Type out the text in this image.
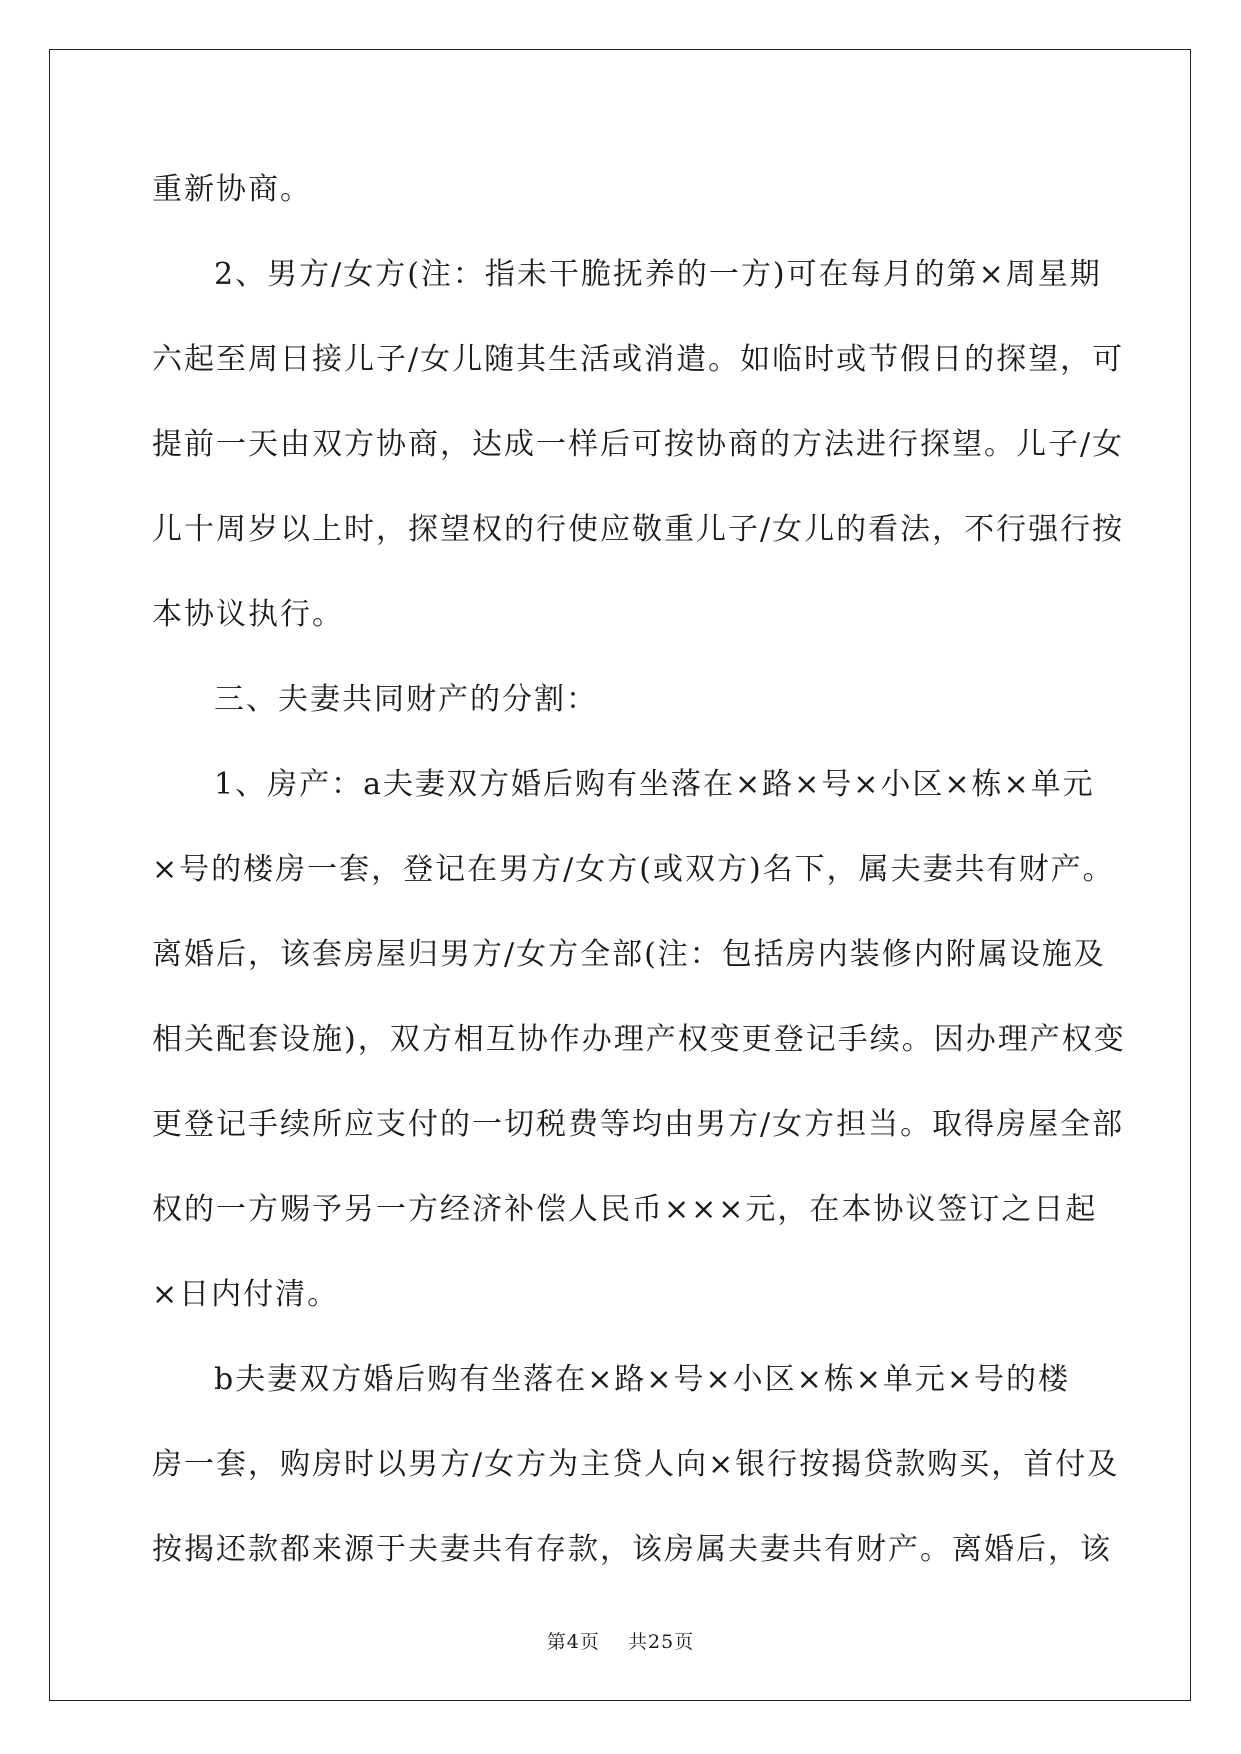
重新协商。
2、男方/女方(注：指未干脆抚养的一方)可在每月的第×周星期
六起至周日接儿子/女儿随其生活或消遣。如临时或节假日的探望，可
提前一天由双方协商，达成一样后可按协商的方法进行探望。儿子/女
儿十周岁以上时，探望权的行使应敬重儿子/女儿的看法，不行强行按
本协议执行。
三、夫妻共同财产的分割：
1、房产：a夫妻双方婚后购有坐落在×路×号×小区×栋×单元
×号的楼房一套，登记在男方/女方(或双方)名下，属夫妻共有财产。
离婚后，该套房屋归男方/女方全部(注：包括房内装修内附属设施及
相关配套设施)，双方相互协作办理产权变更登记手续。因办理产权变
更登记手续所应支付的一切税费等均由男方/女方担当。取得房屋全部
权的一方赐予另一方经济补偿人民币×××元，在本协议签订之日起
×日内付清。
b夫妻双方婚后购有坐落在×路×号×小区×栋×单元×号的楼
房一套，购房时以男方/女方为主贷人向×银行按揭贷款购买，首付及
按揭还款都来源于夫妻共有存款，该房属夫妻共有财产。离婚后，该
第4页 共25页
